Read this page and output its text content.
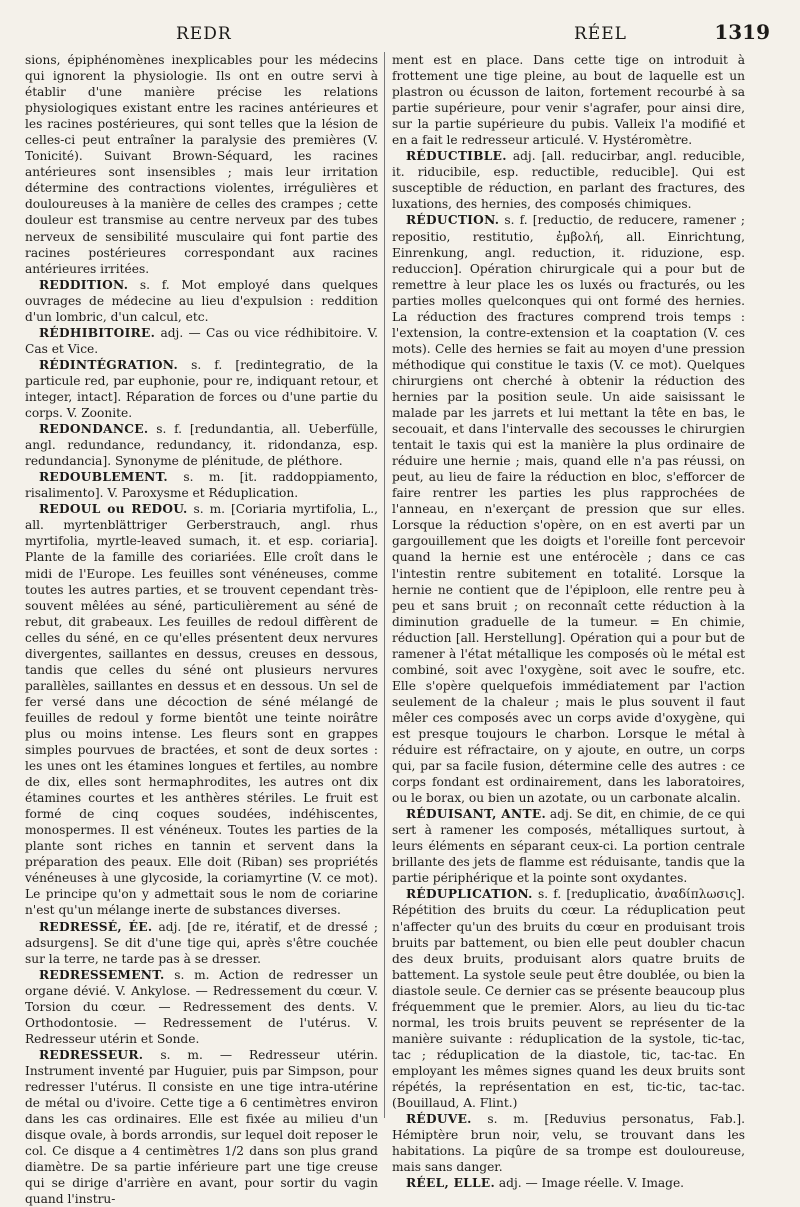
REDR	RÉEL	1319

sions, épiphénomènes inexplicables pour les médecins qui ignorent la physiologie. Ils ont en outre servi à établir d'une manière précise les relations physiologiques existant entre les racines antérieures et les racines postérieures, qui sont telles que la lésion de celles-ci peut entraîner la paralysie des premières (V. Tonicité). Suivant Brown-Séquard, les racines antérieures sont insensibles ; mais leur irritation détermine des contractions violentes, irrégulières et douloureuses à la manière de celles des crampes ; cette douleur est transmise au centre nerveux par des tubes nerveux de sensibilité musculaire qui font partie des racines postérieures correspondant aux racines antérieures irritées.

REDDITION. s. f. Mot employé dans quelques ouvrages de médecine au lieu d'expulsion : reddition d'un lombric, d'un calcul, etc.

RÉDHIBITOIRE. adj. — Cas ou vice rédhibitoire. V. Cas et Vice.

RÉDINTÉGRATION. s. f. [redintegratio, de la particule red, par euphonie, pour re, indiquant retour, et integer, intact]. Réparation de forces ou d'une partie du corps. V. Zoonite.

REDONDANCE. s. f. [redundantia, all. Ueberfülle, angl. redundance, redundancy, it. ridondanza, esp. redundancia]. Synonyme de plénitude, de pléthore.

REDOUBLEMENT. s. m. [it. raddoppiamento, risalimento]. V. Paroxysme et Réduplication.

REDOUL ou REDOU. s. m. [Coriaria myrtifolia, L., all. myrtenblättriger Gerberstrauch, angl. rhus myrtifolia, myrtle-leaved sumach, it. et esp. coriaria]. Plante de la famille des coriariées. Elle croît dans le midi de l'Europe. Les feuilles sont vénéneuses, comme toutes les autres parties, et se trouvent cependant très-souvent mêlées au séné, particulièrement au séné de rebut, dit grabeaux. Les feuilles de redoul diffèrent de celles du séné, en ce qu'elles présentent deux nervures divergentes, saillantes en dessus, creuses en dessous, tandis que celles du séné ont plusieurs nervures parallèles, saillantes en dessus et en dessous. Un sel de fer versé dans une décoction de séné mélangé de feuilles de redoul y forme bientôt une teinte noirâtre plus ou moins intense. Les fleurs sont en grappes simples pourvues de bractées, et sont de deux sortes : les unes ont les étamines longues et fertiles, au nombre de dix, elles sont hermaphrodites, les autres ont dix étamines courtes et les anthères stériles. Le fruit est formé de cinq coques soudées, indéhiscentes, monospermes. Il est vénéneux. Toutes les parties de la plante sont riches en tannin et servent dans la préparation des peaux. Elle doit (Riban) ses propriétés vénéneuses à une glycoside, la coriamyrtine (V. ce mot). Le principe qu'on y admettait sous le nom de coriarine n'est qu'un mélange inerte de substances diverses.

REDRESSÉ, ÉE. adj. [de re, itératif, et de dressé ; adsurgens]. Se dit d'une tige qui, après s'être couchée sur la terre, ne tarde pas à se dresser.

REDRESSEMENT. s. m. Action de redresser un organe dévié. V. Ankylose. — Redressement du cœur. V. Torsion du cœur. — Redressement des dents. V. Orthodontosie. — Redressement de l'utérus. V. Redresseur utérin et Sonde.

REDRESSEUR. s. m. — Redresseur utérin. Instrument inventé par Huguier, puis par Simpson, pour redresser l'utérus. Il consiste en une tige intra-utérine de métal ou d'ivoire. Cette tige a 6 centimètres environ dans les cas ordinaires. Elle est fixée au milieu d'un disque ovale, à bords arrondis, sur lequel doit reposer le col. Ce disque a 4 centimètres 1/2 dans son plus grand diamètre. De sa partie inférieure part une tige creuse qui se dirige d'arrière en avant, pour sortir du vagin quand l'instru-

ment est en place. Dans cette tige on introduit à frottement une tige pleine, au bout de laquelle est un plastron ou écusson de laiton, fortement recourbé à sa partie supérieure, pour venir s'agrafer, pour ainsi dire, sur la partie supérieure du pubis. Valleix l'a modifié et en a fait le redresseur articulé. V. Hystéromètre.

RÉDUCTIBLE. adj. [all. reducirbar, angl. reducible, it. riducibile, esp. reductible, reducible]. Qui est susceptible de réduction, en parlant des fractures, des luxations, des hernies, des composés chimiques.

RÉDUCTION. s. f. [reductio, de reducere, ramener ; repositio, restitutio, ἐμβολή, all. Einrichtung, Einrenkung, angl. reduction, it. riduzione, esp. reduccion]. Opération chirurgicale qui a pour but de remettre à leur place les os luxés ou fracturés, ou les parties molles quelconques qui ont formé des hernies. La réduction des fractures comprend trois temps : l'extension, la contre-extension et la coaptation (V. ces mots). Celle des hernies se fait au moyen d'une pression méthodique qui constitue le taxis (V. ce mot). Quelques chirurgiens ont cherché à obtenir la réduction des hernies par la position seule. Un aide saisissant le malade par les jarrets et lui mettant la tête en bas, le secouait, et dans l'intervalle des secousses le chirurgien tentait le taxis qui est la manière la plus ordinaire de réduire une hernie ; mais, quand elle n'a pas réussi, on peut, au lieu de faire la réduction en bloc, s'efforcer de faire rentrer les parties les plus rapprochées de l'anneau, en n'exerçant de pression que sur elles. Lorsque la réduction s'opère, on en est averti par un gargouillement que les doigts et l'oreille font percevoir quand la hernie est une entérocèle ; dans ce cas l'intestin rentre subitement en totalité. Lorsque la hernie ne contient que de l'épiploon, elle rentre peu à peu et sans bruit ; on reconnaît cette réduction à la diminution graduelle de la tumeur. = En chimie, réduction [all. Herstellung]. Opération qui a pour but de ramener à l'état métallique les composés où le métal est combiné, soit avec l'oxygène, soit avec le soufre, etc. Elle s'opère quelquefois immédiatement par l'action seulement de la chaleur ; mais le plus souvent il faut mêler ces composés avec un corps avide d'oxygène, qui est presque toujours le charbon. Lorsque le métal à réduire est réfractaire, on y ajoute, en outre, un corps qui, par sa facile fusion, détermine celle des autres : ce corps fondant est ordinairement, dans les laboratoires, ou le borax, ou bien un azotate, ou un carbonate alcalin.

RÉDUISANT, ANTE. adj. Se dit, en chimie, de ce qui sert à ramener les composés, métalliques surtout, à leurs éléments en séparant ceux-ci. La portion centrale brillante des jets de flamme est réduisante, tandis que la partie périphérique et la pointe sont oxydantes.

RÉDUPLICATION. s. f. [reduplicatio, ἀναδίπλωσις]. Répétition des bruits du cœur. La réduplication peut n'affecter qu'un des bruits du cœur en produisant trois bruits par battement, ou bien elle peut doubler chacun des deux bruits, produisant alors quatre bruits de battement. La systole seule peut être doublée, ou bien la diastole seule. Ce dernier cas se présente beaucoup plus fréquemment que le premier. Alors, au lieu du tic-tac normal, les trois bruits peuvent se représenter de la manière suivante : réduplication de la systole, tic-tac, tac ; réduplication de la diastole, tic, tac-tac. En employant les mêmes signes quand les deux bruits sont répétés, la représentation en est, tic-tic, tac-tac. (Bouillaud, A. Flint.)

RÉDUVE. s. m. [Reduvius personatus, Fab.]. Hémiptère brun noir, velu, se trouvant dans les habitations. La piqûre de sa trompe est douloureuse, mais sans danger.

RÉEL, ELLE. adj. — Image réelle. V. Image.
